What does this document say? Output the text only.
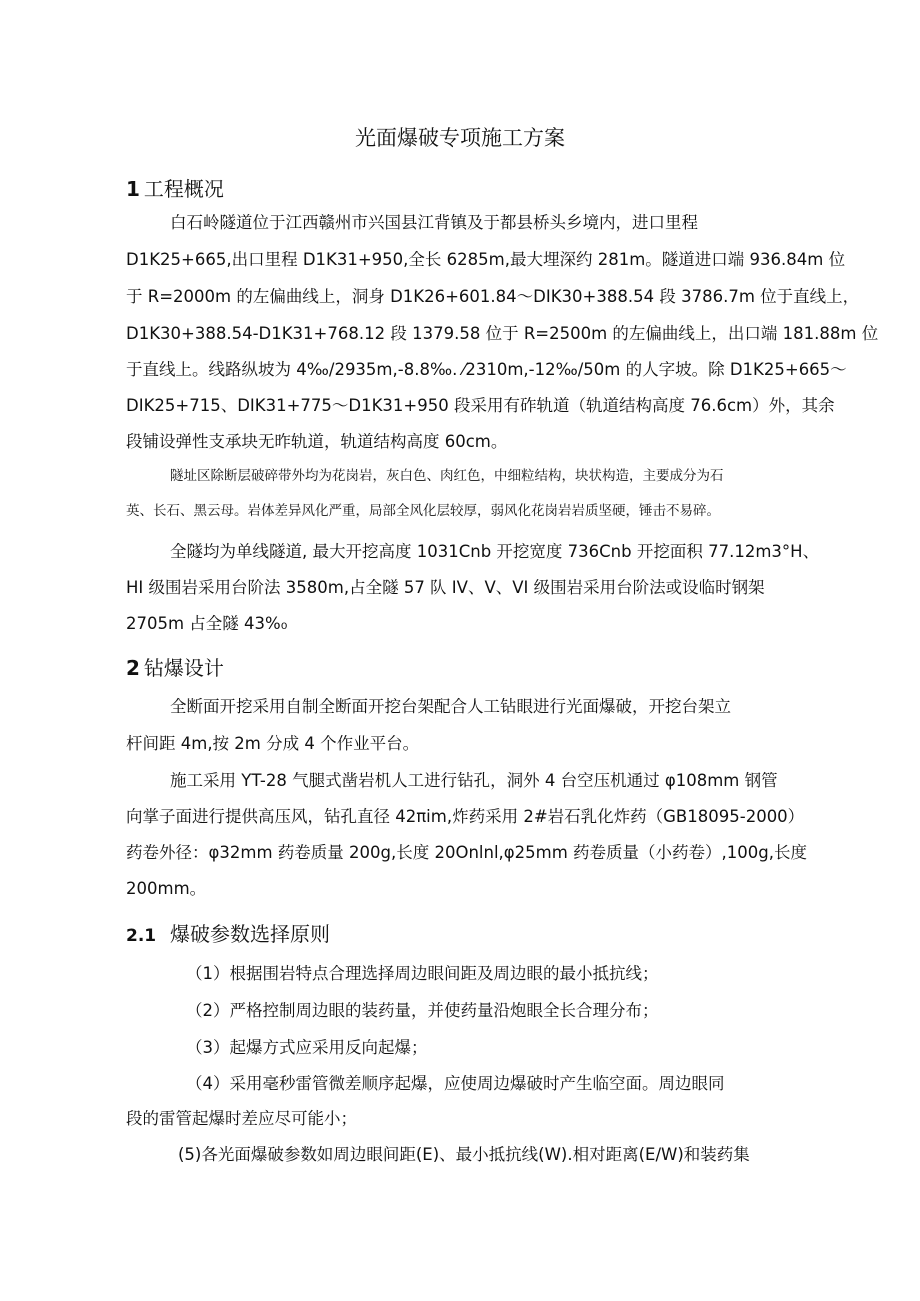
光面爆破专项施工方案
1 工程概况

白石岭隧道位于江西赣州市兴国县江背镇及于都县桥头乡境内，进口里程

D1K25+665,出口里程 D1K31+950,全长 6285m,最大埋深约 281m。隧道进口端 936.84m 位

于 R=2000m 的左偏曲线上，洞身 D1K26+601.84～DIK30+388.54 段 3786.7m 位于直线上，

D1K30+388.54-D1K31+768.12 段 1379.58 位于 R=2500m 的左偏曲线上，出口端 181.88m 位

于直线上。线路纵坡为 4‰/2935m,-8.8‰. ⁄2310m,-12‰/50m 的人字坡。除 D1K25+665～

DIK25+715、DIK31+775～D1K31+950 段采用有砟轨道（轨道结构高度 76.6cm）外，其余

段铺设弹性支承块无昨轨道，轨道结构高度 60cm。

隧址区除断层破碎带外均为花岗岩，灰白色、肉红色，中细粒结构，块状构造，主要成分为石

英、长石、黑云母。岩体差异风化严重，局部全风化层较厚，弱风化花岗岩岩质坚硬，锤击不易碎。

全隧均为单线隧道, 最大开挖高度 1031Cnb 开挖宽度 736Cnb 开挖面积 77.12m3°H、

HI 级围岩采用台阶法 3580m,占全隧 57 队 IV、V、VI 级围岩采用台阶法或设临时钢架

2705m 占全隧 43%₀

2 钻爆设计

全断面开挖采用自制全断面开挖台架配合人工钻眼进行光面爆破，开挖台架立

杆间距 4m,按 2m 分成 4 个作业平台。

施工采用 YT-28 气腿式凿岩机人工进行钻孔，洞外 4 台空压机通过 φ108mm 钢管

向掌子面进行提供高压风，钻孔直径 42πim,炸药采用 2#岩石乳化炸药（GB18095-2000）

药卷外径：φ32mm 药卷质量 200g,长度 20Onlnl,φ25mm 药卷质量（小药卷）,100g,长度

200mm。

2.1 爆破参数选择原则

（1）根据围岩特点合理选择周边眼间距及周边眼的最小抵抗线；

（2）严格控制周边眼的装药量，并使药量沿炮眼全长合理分布；

（3）起爆方式应采用反向起爆；

（4）采用毫秒雷管微差顺序起爆，应使周边爆破时产生临空面。周边眼同

段的雷管起爆时差应尽可能小；

(5)各光面爆破参数如周边眼间距(E)、最小抵抗线(W).相对距离(E/W)和装药集
